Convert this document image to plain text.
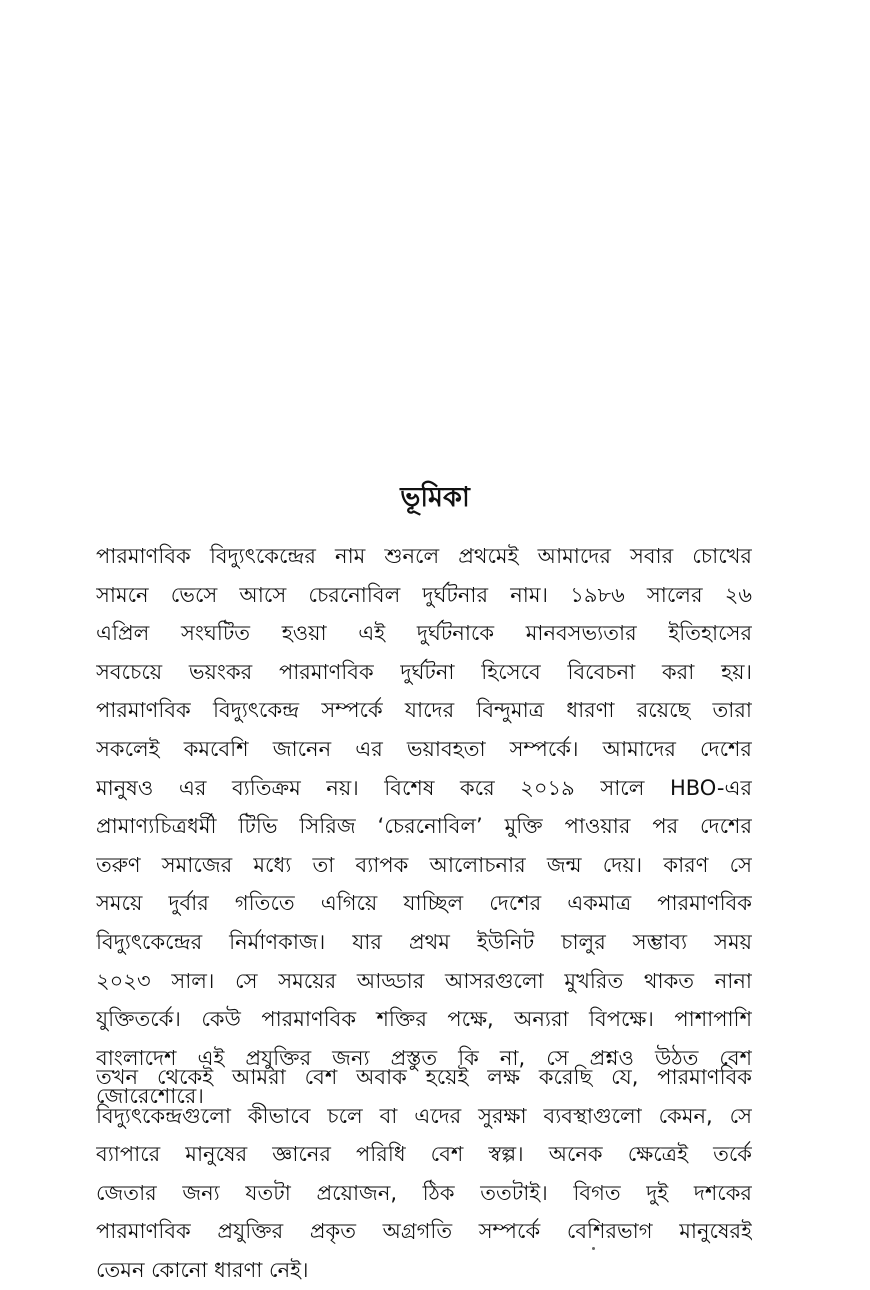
ভূমিকা
পারমাণবিক বিদ্যুৎকেন্দ্রের নাম শুনলে প্রথমেই আমাদের সবার চোখের
সামনে ভেসে আসে চেরনোবিল দুর্ঘটনার নাম। ১৯৮৬ সালের ২৬
এপ্রিল সংঘটিত হওয়া এই দুর্ঘটনাকে মানবসভ্যতার ইতিহাসের
সবচেয়ে ভয়ংকর পারমাণবিক দুর্ঘটনা হিসেবে বিবেচনা করা হয়।
পারমাণবিক বিদ্যুৎকেন্দ্র সম্পর্কে যাদের বিন্দুমাত্র ধারণা রয়েছে তারা
সকলেই কমবেশি জানেন এর ভয়াবহতা সম্পর্কে। আমাদের দেশের
মানুষও এর ব্যতিক্রম নয়। বিশেষ করে ২০১৯ সালে HBO-এর
প্রামাণ্যচিত্রধর্মী টিভি সিরিজ ‘চেরনোবিল’ মুক্তি পাওয়ার পর দেশের
তরুণ সমাজের মধ্যে তা ব্যাপক আলোচনার জন্ম দেয়। কারণ সে
সময়ে দুর্বার গতিতে এগিয়ে যাচ্ছিল দেশের একমাত্র পারমাণবিক
বিদ্যুৎকেন্দ্রের নির্মাণকাজ। যার প্রথম ইউনিট চালুর সম্ভাব্য সময়
২০২৩ সাল। সে সময়ের আড্ডার আসরগুলো মুখরিত থাকত নানা
যুক্তিতর্কে। কেউ পারমাণবিক শক্তির পক্ষে, অন্যরা বিপক্ষে। পাশাপাশি
বাংলাদেশ এই প্রযুক্তির জন্য প্রস্তুত কি না, সে প্রশ্নও উঠত বেশ
জোরেশোরে।
তখন থেকেই আমরা বেশ অবাক হয়েই লক্ষ করেছি যে, পারমাণবিক
বিদ্যুৎকেন্দ্রগুলো কীভাবে চলে বা এদের সুরক্ষা ব্যবস্থাগুলো কেমন, সে
ব্যাপারে মানুষের জ্ঞানের পরিধি বেশ স্বল্প। অনেক ক্ষেত্রেই তর্কে
জেতার জন্য যতটা প্রয়োজন, ঠিক ততটাই। বিগত দুই দশকের
পারমাণবিক প্রযুক্তির প্রকৃত অগ্রগতি সম্পর্কে বেশিরভাগ মানুষেরই
তেমন কোনো ধারণা নেই।
